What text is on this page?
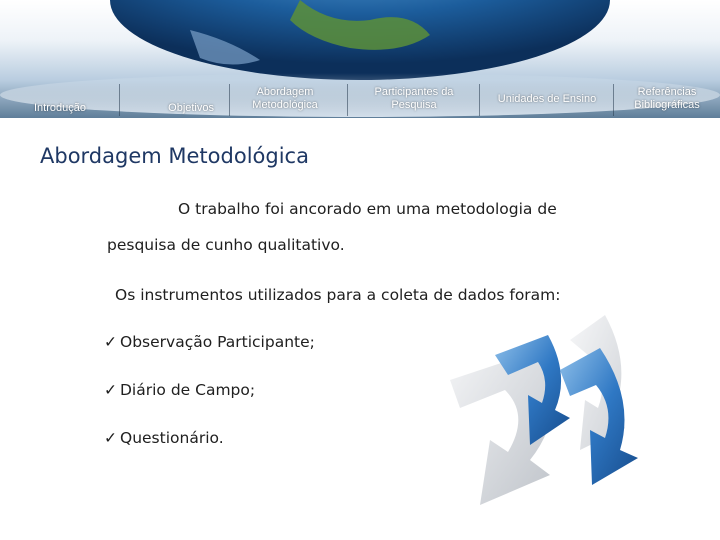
Introdução	Objetivos
Abordagem Metodológica
Participantes da Pesquisa
Unidades de Ensino
Referências Bibliográficas
Abordagem Metodológica
O trabalho foi ancorado em uma metodologia de
pesquisa de cunho qualitativo.
Os instrumentos utilizados para a coleta de dados foram:
✓ Observação Participante;
✓ Diário de Campo;
✓ Questionário.
